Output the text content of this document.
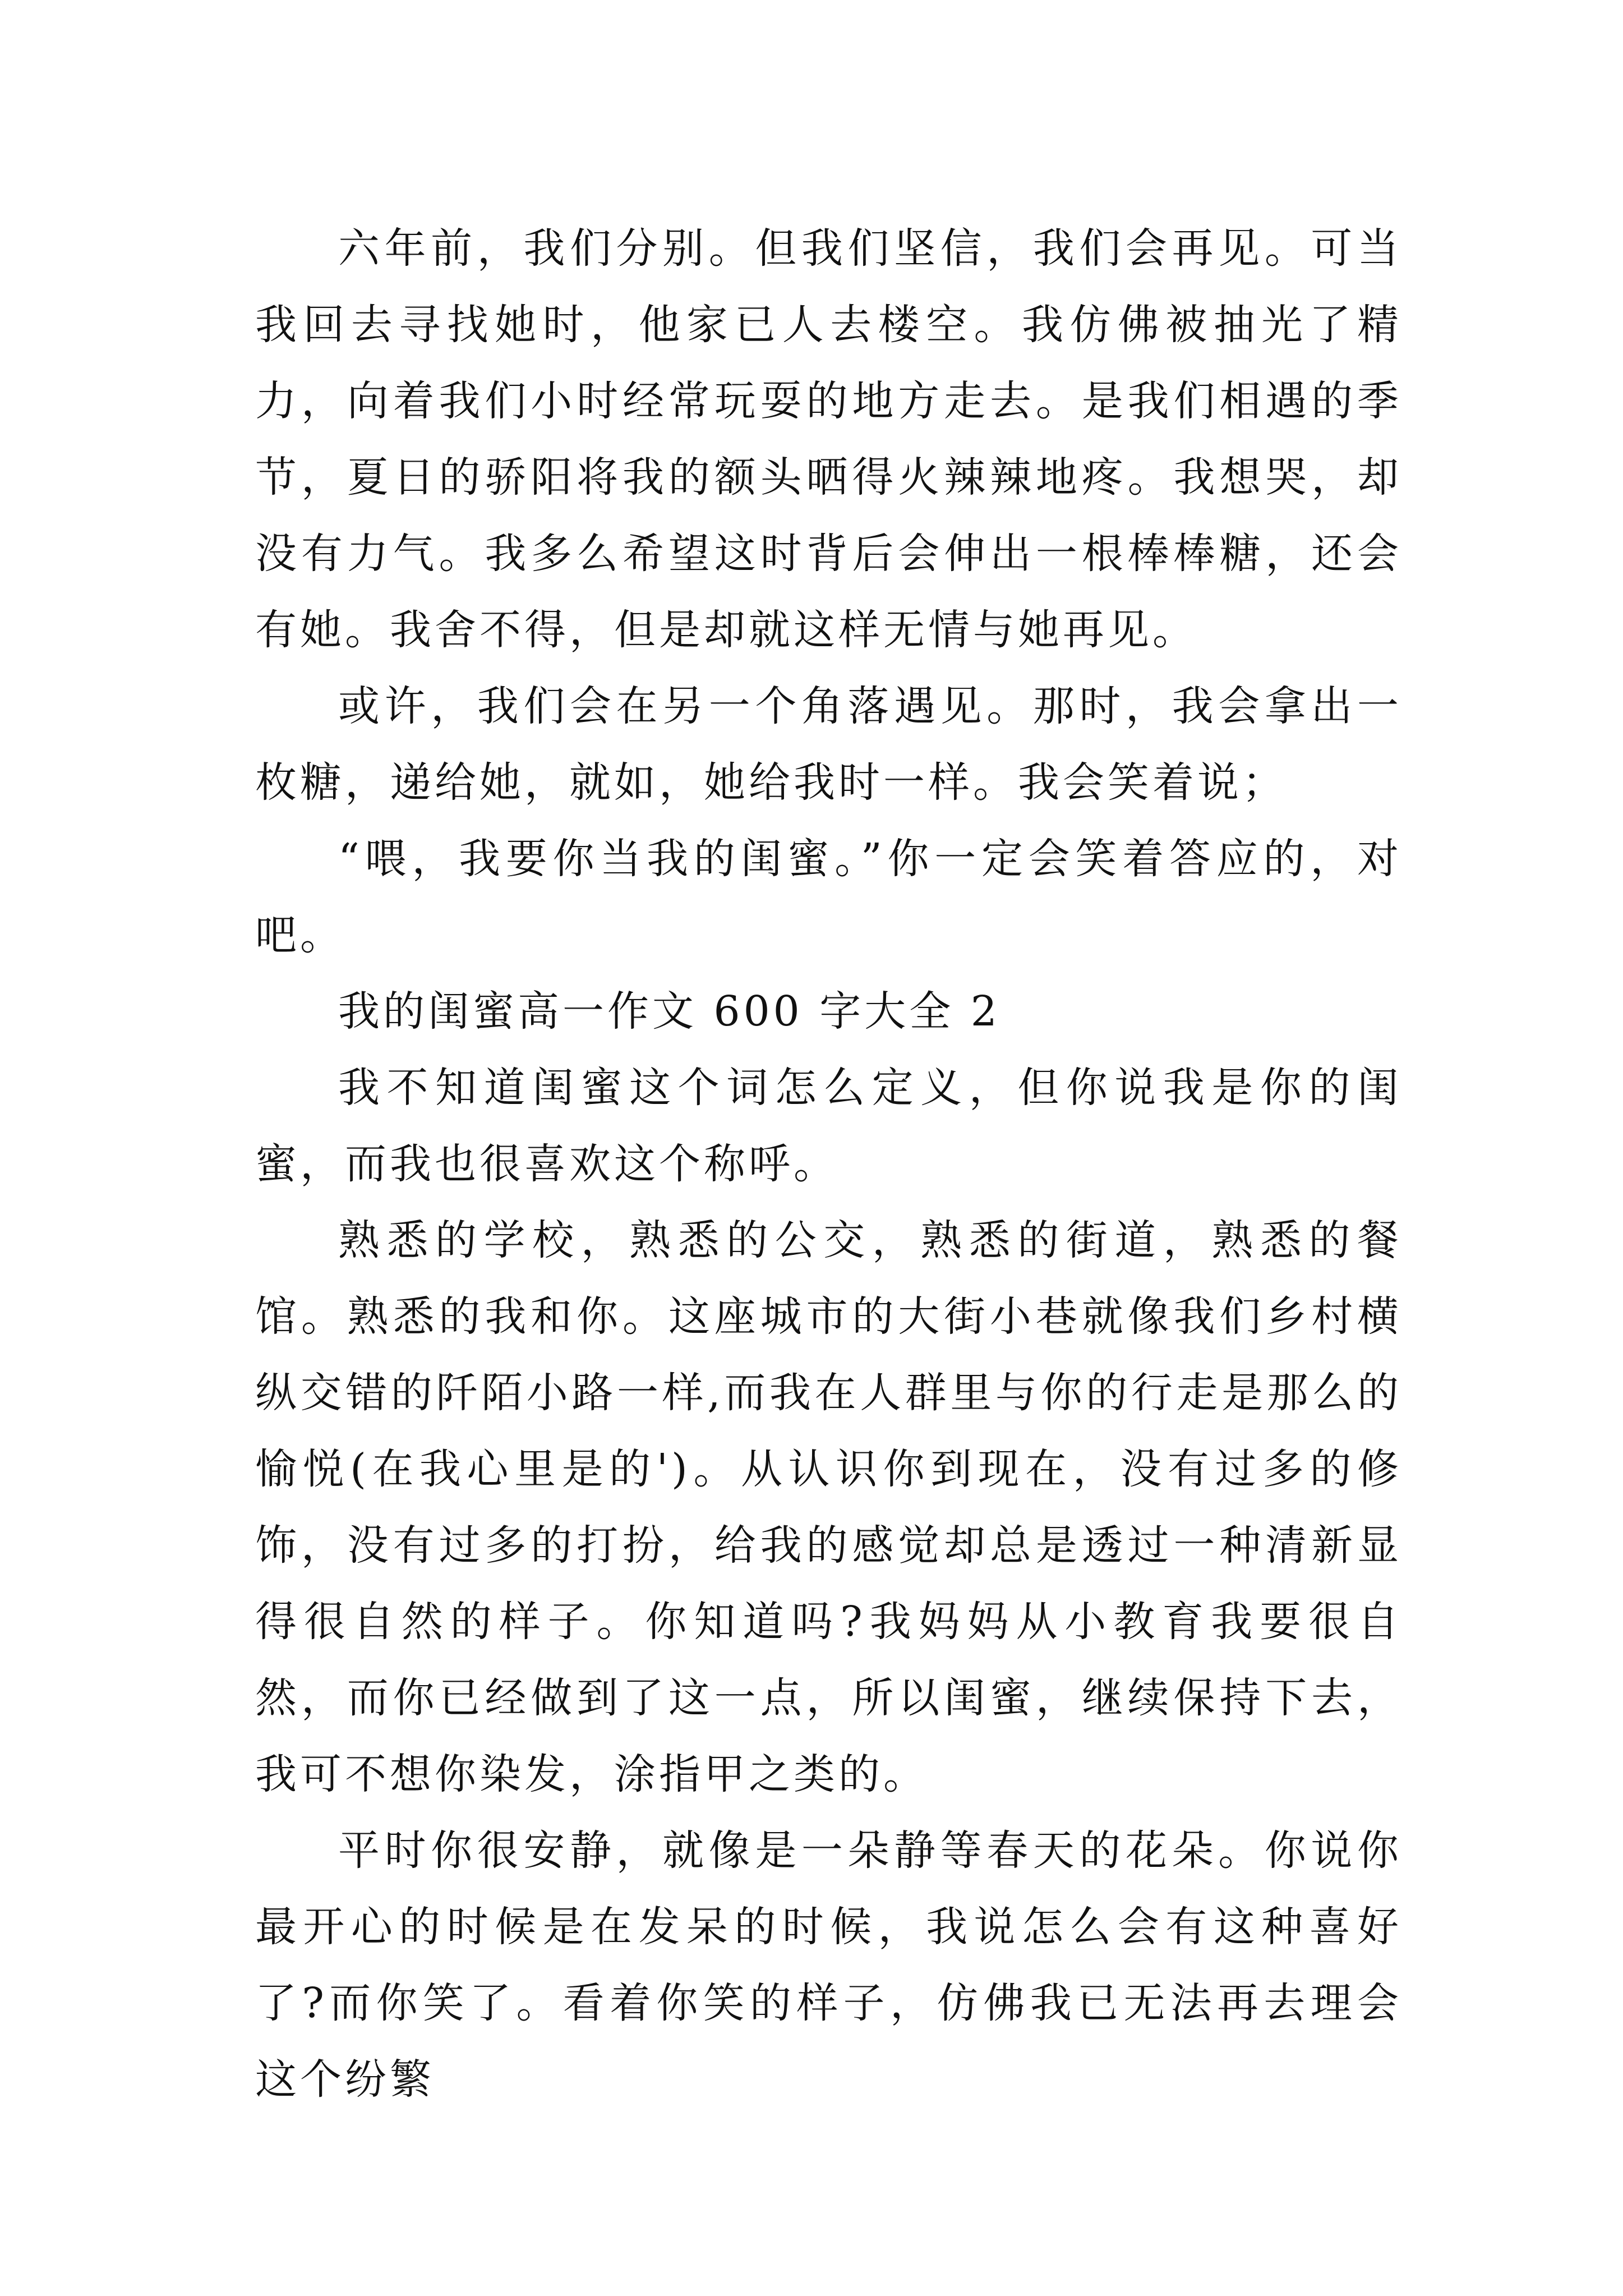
六年前，我们分别。但我们坚信，我们会再见。可当我回去寻找她时，他家已人去楼空。我仿佛被抽光了精力，向着我们小时经常玩耍的地方走去。是我们相遇的季节，夏日的骄阳将我的额头晒得火辣辣地疼。我想哭，却没有力气。我多么希望这时背后会伸出一根棒棒糖，还会有她。我舍不得，但是却就这样无情与她再见。

或许，我们会在另一个角落遇见。那时，我会拿出一枚糖，递给她，就如，她给我时一样。我会笑着说；

“喂，我要你当我的闺蜜。”你一定会笑着答应的，对吧。

我的闺蜜高一作文 600 字大全 2

我不知道闺蜜这个词怎么定义，但你说我是你的闺蜜，而我也很喜欢这个称呼。

熟悉的学校，熟悉的公交，熟悉的街道，熟悉的餐馆。熟悉的我和你。这座城市的大街小巷就像我们乡村横纵交错的阡陌小路一样,而我在人群里与你的行走是那么的愉悦(在我心里是的')。从认识你到现在，没有过多的修饰，没有过多的打扮，给我的感觉却总是透过一种清新显得很自然的样子。你知道吗?我妈妈从小教育我要很自然，而你已经做到了这一点，所以闺蜜，继续保持下去，我可不想你染发，涂指甲之类的。

平时你很安静，就像是一朵静等春天的花朵。你说你最开心的时候是在发呆的时候，我说怎么会有这种喜好了?而你笑了。看着你笑的样子，仿佛我已无法再去理会这个纷繁
